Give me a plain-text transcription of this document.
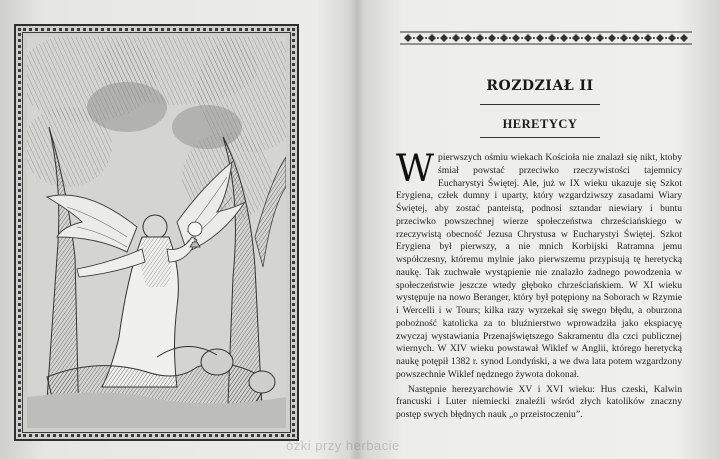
ROZDZIAŁ II
HERETYCY

Wpierwszych ośmiu wiekach Kościoła nie znalazł się nikt, ktoby śmiał powstać przeciwko rzeczywistości tajemnicy Eucharystyi Świętej. Ale, już w IX wieku ukazuje się Szkot Erygiena, człek dumny i uparty, który wzgardziwszy zasadami Wiary Świętej, aby zostać panteistą, podnosi sztandar niewiary i buntu przeciwko powszechnej wierze społeczeństwa chrześciańskiego w rzeczywistą obecność Jezusa Chrystusa w Eucharystyi Świętej. Szkot Erygiena był pierwszy, a nie mnich Korbijski Ratramna jemu współczesny, któremu mylnie jako pierwszemu przypisują tę heretycką naukę. Tak zuchwałe wystąpienie nie znalazło żadnego powodzenia w społeczeństwie jeszcze wtedy głęboko chrześciańskiem. W XI wieku występuje na nowo Beranger, który był potępiony na Soborach w Rzymie i Wercelli i w Tours; kilka razy wyrzekał się swego błędu, a oburzona pobożność katolicka za to bluźnierstwo wprowadziła jako ekspiacyę zwyczaj wystawiania Przenajświętszego Sakramentu dla czci publicznej wiernych. W XIV wieku powstawał Wiklef w Anglii, którego heretycką naukę potępił 1382 r. synod Londyński, a we dwa lata potem wzgardzony powszechnie Wiklef nędznego żywota dokonał.

Następnie herezyarchowie XV i XVI wieku: Hus czeski, Kalwin francuski i Luter niemiecki znaleźli wśród złych katolików znaczny postęp swych błędnych nauk „o przeistoczeniu”.

óżki przy herbacie
